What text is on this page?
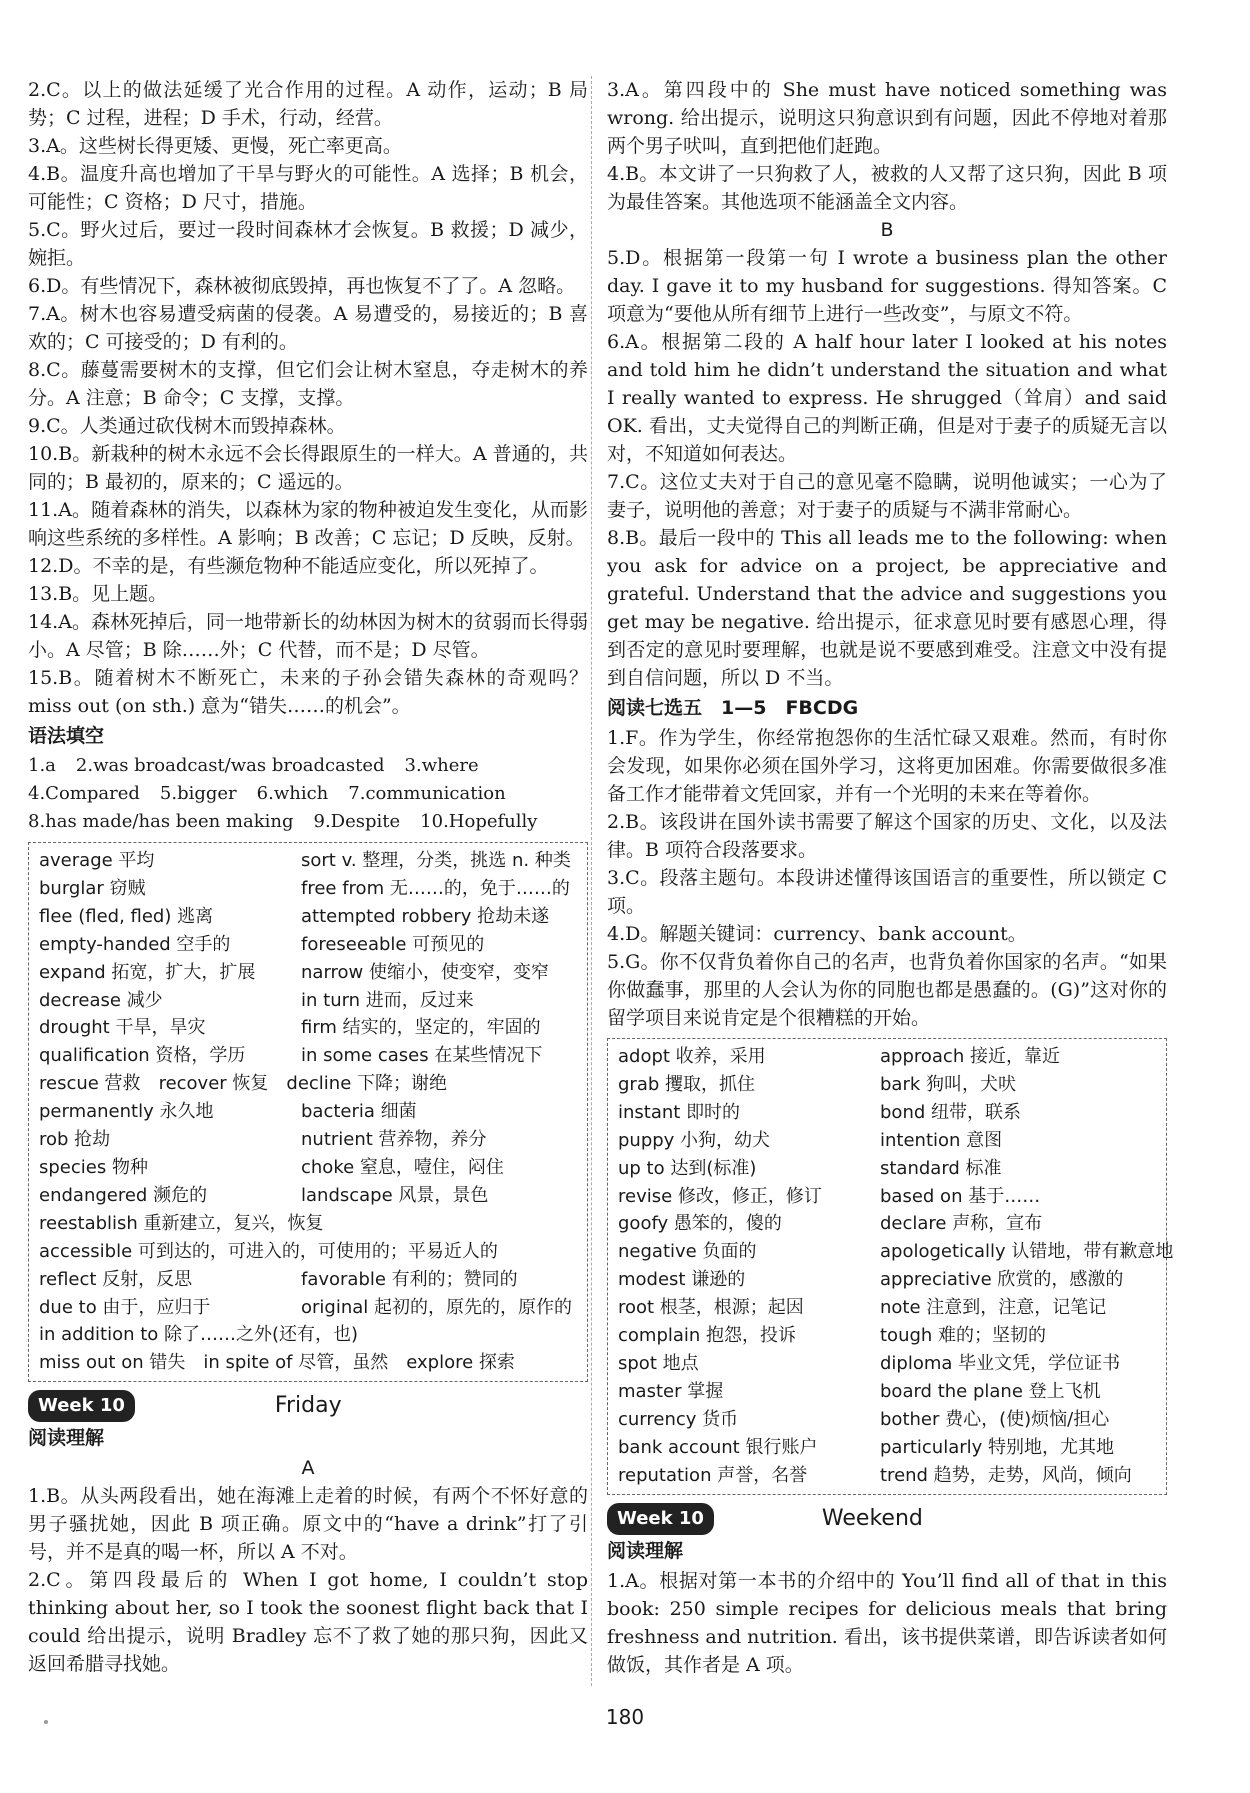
2.C。以上的做法延缓了光合作用的过程。A 动作，运动；B 局势；C 过程，进程；D 手术，行动，经营。

3.A。这些树长得更矮、更慢，死亡率更高。

4.B。温度升高也增加了干旱与野火的可能性。A 选择；B 机会，可能性；C 资格；D 尺寸，措施。

5.C。野火过后，要过一段时间森林才会恢复。B 救援；D 减少，婉拒。

6.D。有些情况下，森林被彻底毁掉，再也恢复不了了。A 忽略。

7.A。树木也容易遭受病菌的侵袭。A 易遭受的，易接近的；B 喜欢的；C 可接受的；D 有利的。

8.C。藤蔓需要树木的支撑，但它们会让树木窒息，夺走树木的养分。A 注意；B 命令；C 支撑，支撑。

9.C。人类通过砍伐树木而毁掉森林。

10.B。新栽种的树木永远不会长得跟原生的一样大。A 普通的，共同的；B 最初的，原来的；C 遥远的。

11.A。随着森林的消失，以森林为家的物种被迫发生变化，从而影响这些系统的多样性。A 影响；B 改善；C 忘记；D 反映，反射。

12.D。不幸的是，有些濒危物种不能适应变化，所以死掉了。

13.B。见上题。

14.A。森林死掉后，同一地带新长的幼林因为树木的贫弱而长得弱小。A 尽管；B 除……外；C 代替，而不是；D 尽管。

15.B。随着树木不断死亡，未来的子孙会错失森林的奇观吗？miss out (on sth.) 意为“错失……的机会”。

语法填空
1.a 2.was broadcast/was broadcasted 3.where
4.Compared 5.bigger 6.which 7.communication
8.has made/has been making 9.Despite 10.Hopefully
average 平均	sort v. 整理，分类，挑选 n. 种类
burglar 窃贼	free from 无……的，免于……的
flee (fled, fled) 逃离	attempted robbery 抢劫未遂
empty-handed 空手的	foreseeable 可预见的
expand 拓宽，扩大，扩展	narrow 使缩小，使变窄，变窄
decrease 减少	in turn 进而，反过来
drought 干旱，旱灾	firm 结实的，坚定的，牢固的
qualification 资格，学历	in some cases 在某些情况下
rescue 营救 recover 恢复 decline 下降；谢绝
permanently 永久地	bacteria 细菌
rob 抢劫	nutrient 营养物，养分
species 物种	choke 窒息，噎住，闷住
endangered 濒危的	landscape 风景，景色
reestablish 重新建立，复兴，恢复
accessible 可到达的，可进入的，可使用的；平易近人的
reflect 反射，反思	favorable 有利的；赞同的
due to 由于，应归于	original 起初的，原先的，原作的
in addition to 除了……之外(还有，也)
miss out on 错失 in spite of 尽管，虽然 explore 探索
Week 10	Friday
阅读理解
A

1.B。从头两段看出，她在海滩上走着的时候，有两个不怀好意的男子骚扰她，因此 B 项正确。原文中的“have a drink”打了引号，并不是真的喝一杯，所以 A 不对。

2.C。第四段最后的 When I got home, I couldn’t stop thinking about her, so I took the soonest flight back that I could 给出提示，说明 Bradley 忘不了救了她的那只狗，因此又返回希腊寻找她。

3.A。第四段中的 She must have noticed something was wrong. 给出提示，说明这只狗意识到有问题，因此不停地对着那两个男子吠叫，直到把他们赶跑。

4.B。本文讲了一只狗救了人，被救的人又帮了这只狗，因此 B 项为最佳答案。其他选项不能涵盖全文内容。

B

5.D。根据第一段第一句 I wrote a business plan the other day. I gave it to my husband for suggestions. 得知答案。C 项意为“要他从所有细节上进行一些改变”，与原文不符。

6.A。根据第二段的 A half hour later I looked at his notes and told him he didn’t understand the situation and what I really wanted to express. He shrugged（耸肩）and said OK. 看出，丈夫觉得自己的判断正确，但是对于妻子的质疑无言以对，不知道如何表达。

7.C。这位丈夫对于自己的意见毫不隐瞒，说明他诚实；一心为了妻子，说明他的善意；对于妻子的质疑与不满非常耐心。

8.B。最后一段中的 This all leads me to the following: when you ask for advice on a project, be appreciative and grateful. Understand that the advice and suggestions you get may be negative. 给出提示，征求意见时要有感恩心理，得到否定的意见时要理解，也就是说不要感到难受。注意文中没有提到自信问题，所以 D 不当。

阅读七选五　1—5　FBCDG

1.F。作为学生，你经常抱怨你的生活忙碌又艰难。然而，有时你会发现，如果你必须在国外学习，这将更加困难。你需要做很多准备工作才能带着文凭回家，并有一个光明的未来在等着你。

2.B。该段讲在国外读书需要了解这个国家的历史、文化，以及法律。B 项符合段落要求。

3.C。段落主题句。本段讲述懂得该国语言的重要性，所以锁定 C 项。

4.D。解题关键词：currency、bank account。

5.G。你不仅背负着你自己的名声，也背负着你国家的名声。“如果你做蠢事，那里的人会认为你的同胞也都是愚蠢的。(G)”这对你的留学项目来说肯定是个很糟糕的开始。

adopt 收养，采用	approach 接近，靠近
grab 攫取，抓住	bark 狗叫，犬吠
instant 即时的	bond 纽带，联系
puppy 小狗，幼犬	intention 意图
up to 达到(标准)	standard 标准
revise 修改，修正，修订	based on 基于……
goofy 愚笨的，傻的	declare 声称，宣布
negative 负面的	apologetically 认错地，带有歉意地
modest 谦逊的	appreciative 欣赏的，感激的
root 根茎，根源；起因	note 注意到，注意，记笔记
complain 抱怨，投诉	tough 难的；坚韧的
spot 地点	diploma 毕业文凭，学位证书
master 掌握	board the plane 登上飞机
currency 货币	bother 费心，(使)烦恼/担心
bank account 银行账户	particularly 特别地，尤其地
reputation 声誉，名誉	trend 趋势，走势，风尚，倾向
Week 10	Weekend
阅读理解

1.A。根据对第一本书的介绍中的 You’ll find all of that in this book: 250 simple recipes for delicious meals that bring freshness and nutrition. 看出，该书提供菜谱，即告诉读者如何做饭，其作者是 A 项。

180
